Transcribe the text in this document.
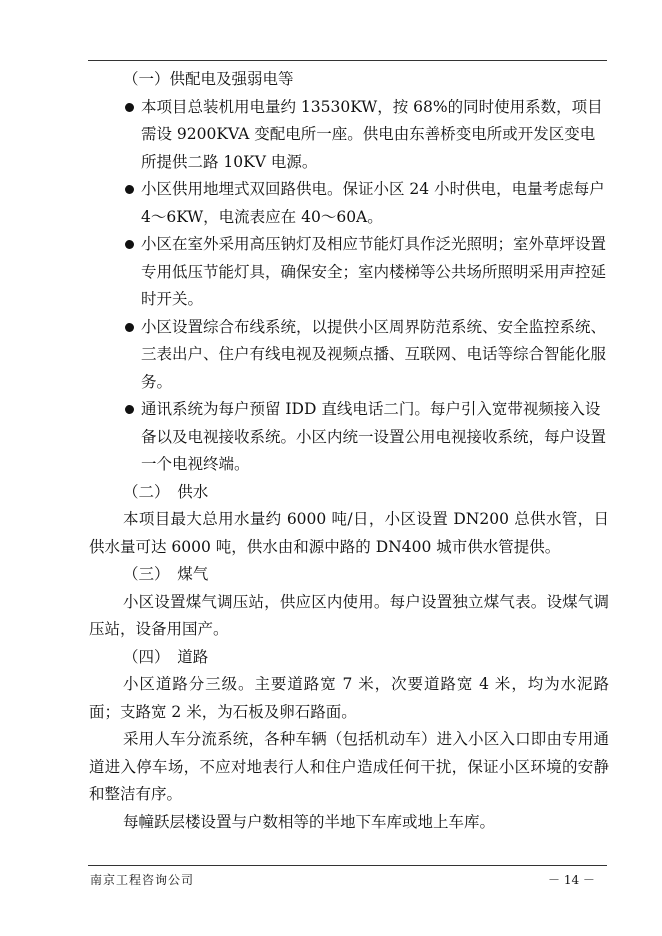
（一）供配电及强弱电等

本项目总装机用电量约 13530KW，按 68%的同时使用系数，项目需设 9200KVA 变配电所一座。供电由东善桥变电所或开发区变电所提供二路 10KV 电源。

小区供用地埋式双回路供电。保证小区 24 小时供电，电量考虑每户 4～6KW，电流表应在 40～60A。

小区在室外采用高压钠灯及相应节能灯具作泛光照明；室外草坪设置专用低压节能灯具，确保安全；室内楼梯等公共场所照明采用声控延时开关。

小区设置综合布线系统，以提供小区周界防范系统、安全监控系统、三表出户、住户有线电视及视频点播、互联网、电话等综合智能化服务。

通讯系统为每户预留 IDD 直线电话二门。每户引入宽带视频接入设备以及电视接收系统。小区内统一设置公用电视接收系统，每户设置一个电视终端。

（二）　供水

本项目最大总用水量约 6000 吨/日，小区设置 DN200 总供水管，日供水量可达 6000 吨，供水由和源中路的 DN400 城市供水管提供。

（三）　煤气

小区设置煤气调压站，供应区内使用。每户设置独立煤气表。设煤气调压站，设备用国产。

（四）　道路

小区道路分三级。主要道路宽 7 米，次要道路宽 4 米，均为水泥路面；支路宽 2 米，为石板及卵石路面。

采用人车分流系统，各种车辆（包括机动车）进入小区入口即由专用通道进入停车场，不应对地表行人和住户造成任何干扰，保证小区环境的安静和整洁有序。

每幢跃层楼设置与户数相等的半地下车库或地上车库。

南京工程咨询公司	－ 14 －
